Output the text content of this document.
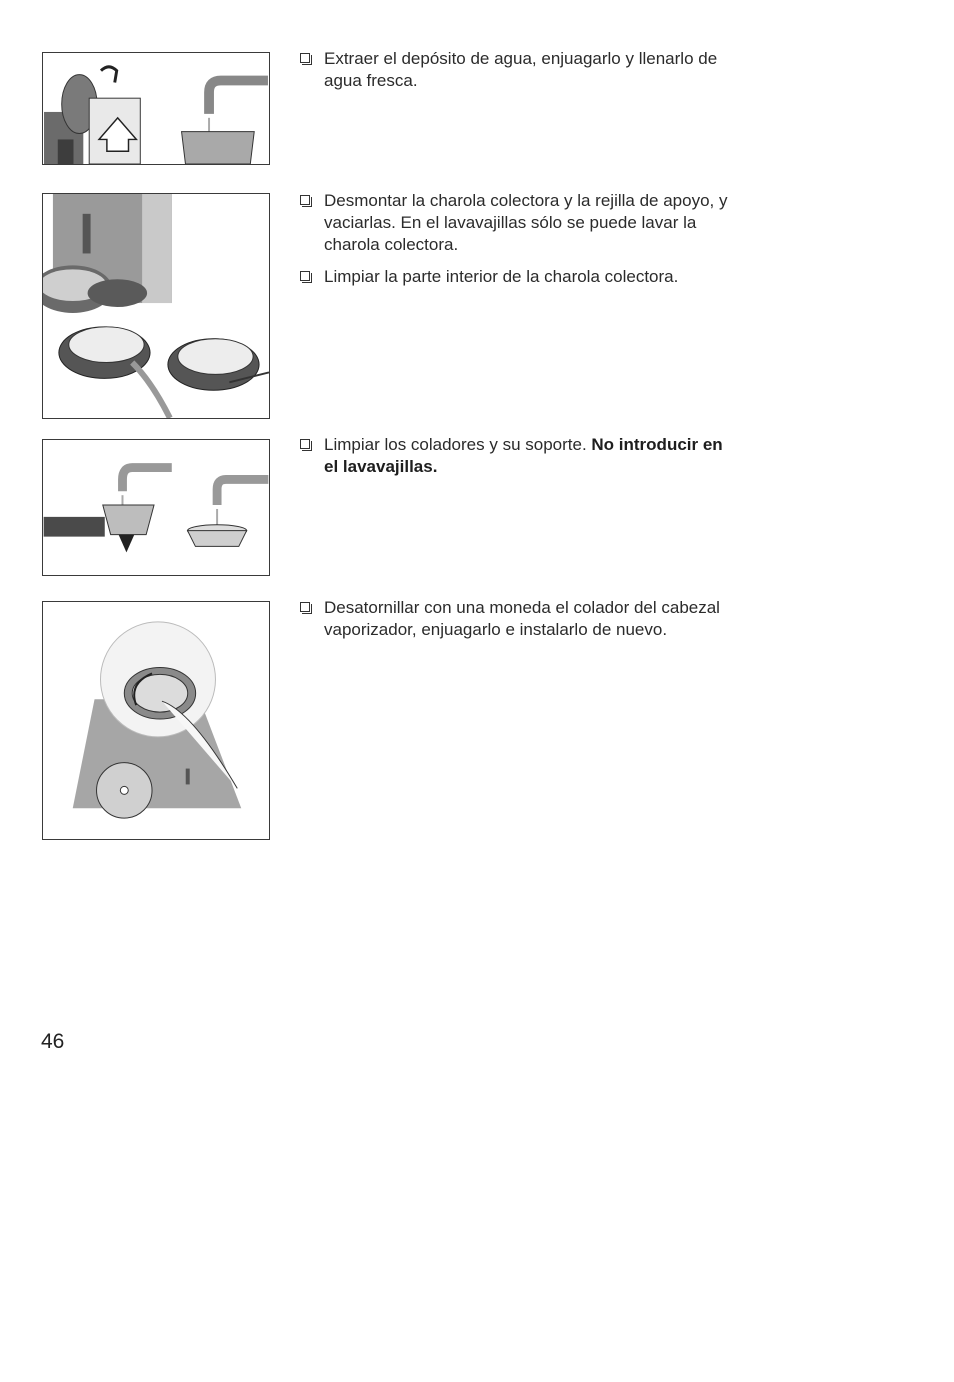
Extraer el depósito de agua, enjuagarlo y llenarlo de agua fresca.
Desmontar la charola colectora y la rejilla de apoyo, y vaciarlas. En el lavavajillas sólo se puede lavar la charola colectora.
Limpiar la parte interior de la charola colectora.
Limpiar los coladores y su soporte. No introducir en el lavavajillas.
Desatornillar con una moneda el colador del cabezal vaporizador, enjuagarlo e instalarlo de nuevo.
46
